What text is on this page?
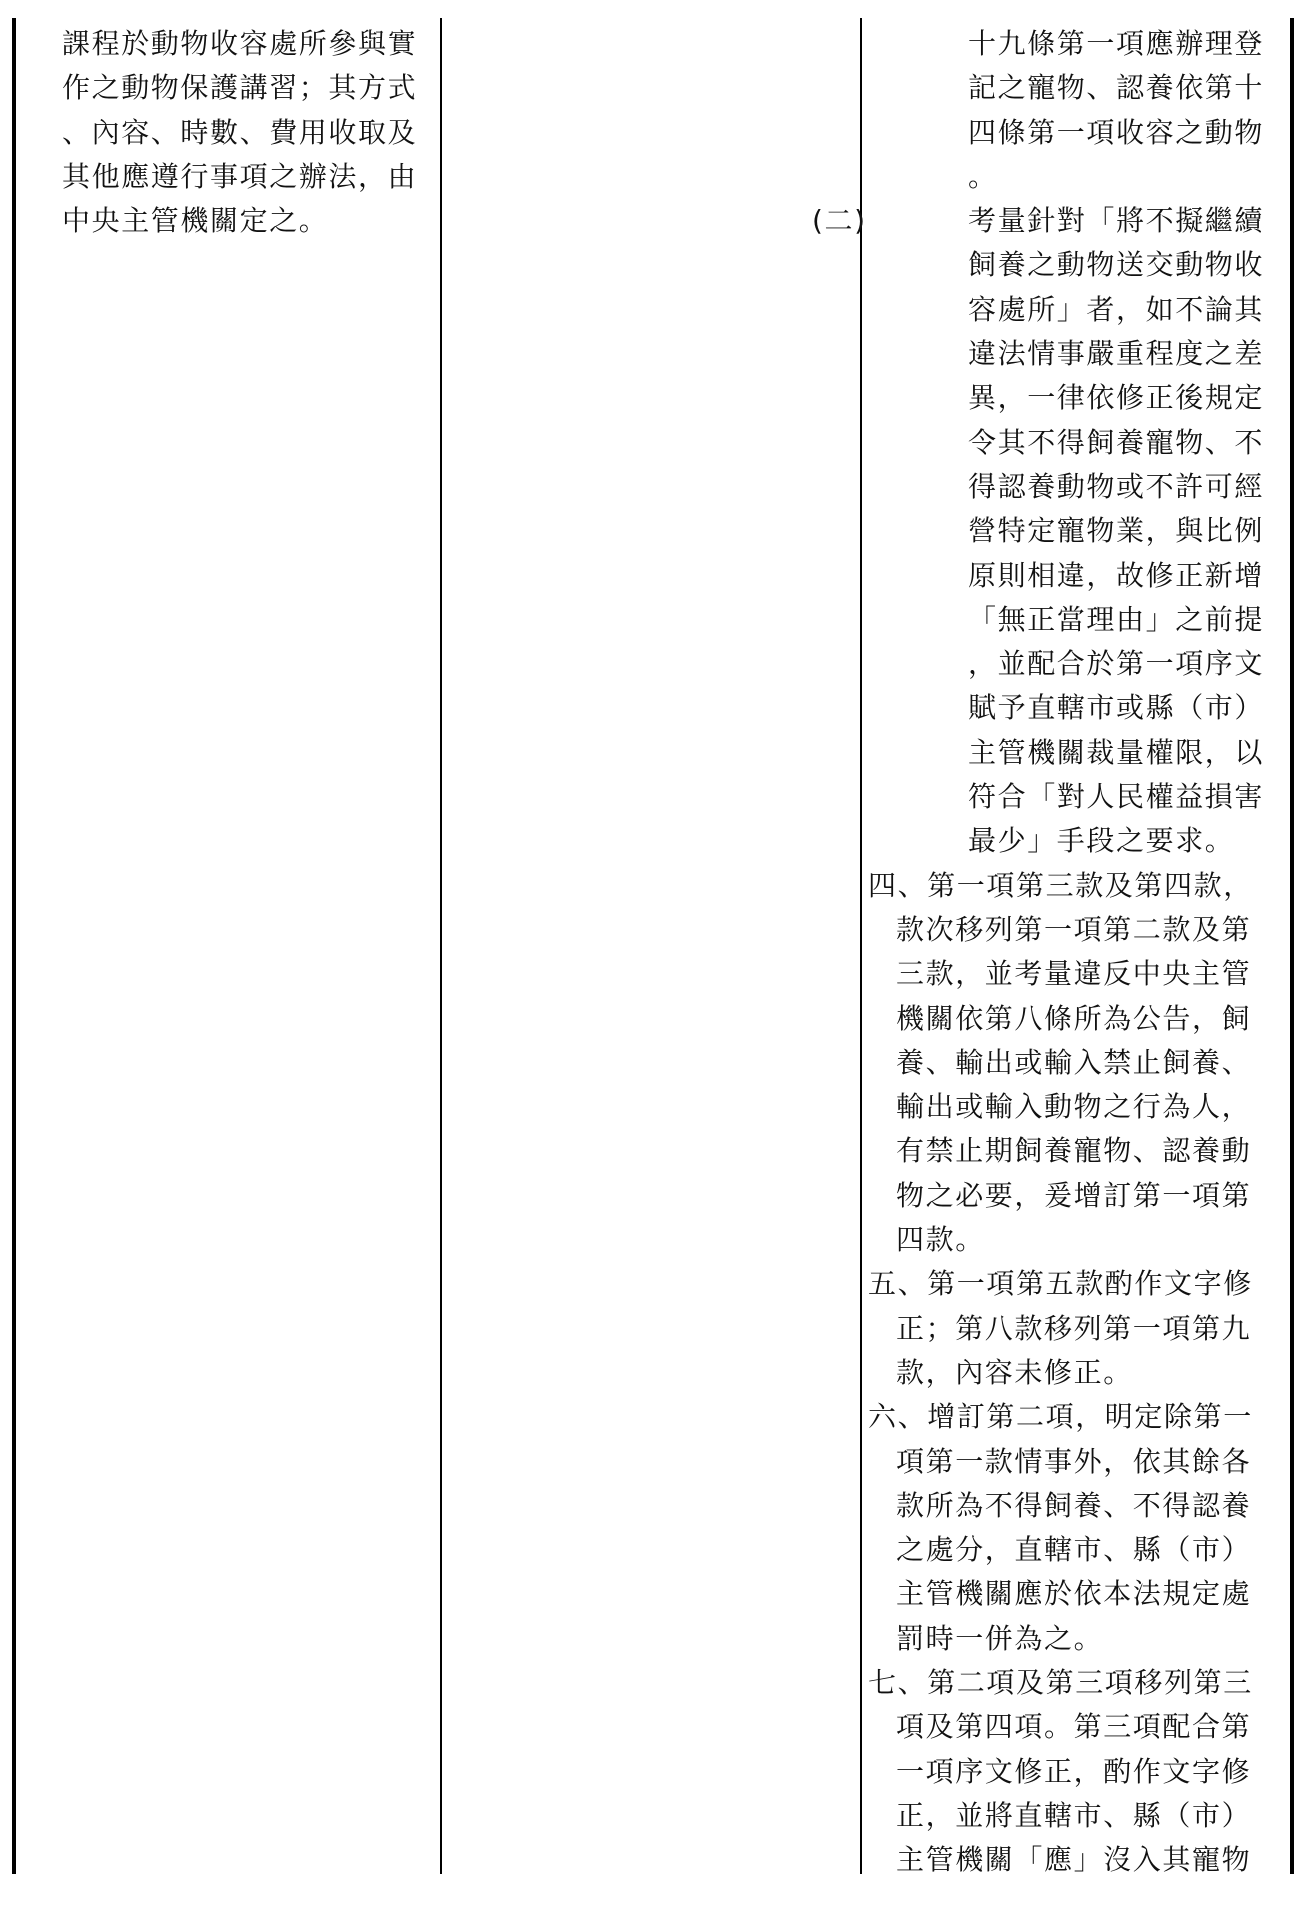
課程於動物收容處所參與實
作之動物保護講習；其方式
、內容、時數、費用收取及
其他應遵行事項之辦法，由
中央主管機關定之。
十九條第一項應辦理登
記之寵物、認養依第十
四條第一項收容之動物
。
(二)	考量針對「將不擬繼續
飼養之動物送交動物收
容處所」者，如不論其
違法情事嚴重程度之差
異，一律依修正後規定
令其不得飼養寵物、不
得認養動物或不許可經
營特定寵物業，與比例
原則相違，故修正新增
「無正當理由」之前提
，並配合於第一項序文
賦予直轄市或縣（市）
主管機關裁量權限，以
符合「對人民權益損害
最少」手段之要求。
四、第一項第三款及第四款，
款次移列第一項第二款及第
三款，並考量違反中央主管
機關依第八條所為公告，飼
養、輸出或輸入禁止飼養、
輸出或輸入動物之行為人，
有禁止期飼養寵物、認養動
物之必要，爰增訂第一項第
四款。
五、第一項第五款酌作文字修
正；第八款移列第一項第九
款，內容未修正。
六、增訂第二項，明定除第一
項第一款情事外，依其餘各
款所為不得飼養、不得認養
之處分，直轄市、縣（市）
主管機關應於依本法規定處
罰時一併為之。
七、第二項及第三項移列第三
項及第四項。第三項配合第
一項序文修正，酌作文字修
正，並將直轄市、縣（市）
主管機關「應」沒入其寵物
